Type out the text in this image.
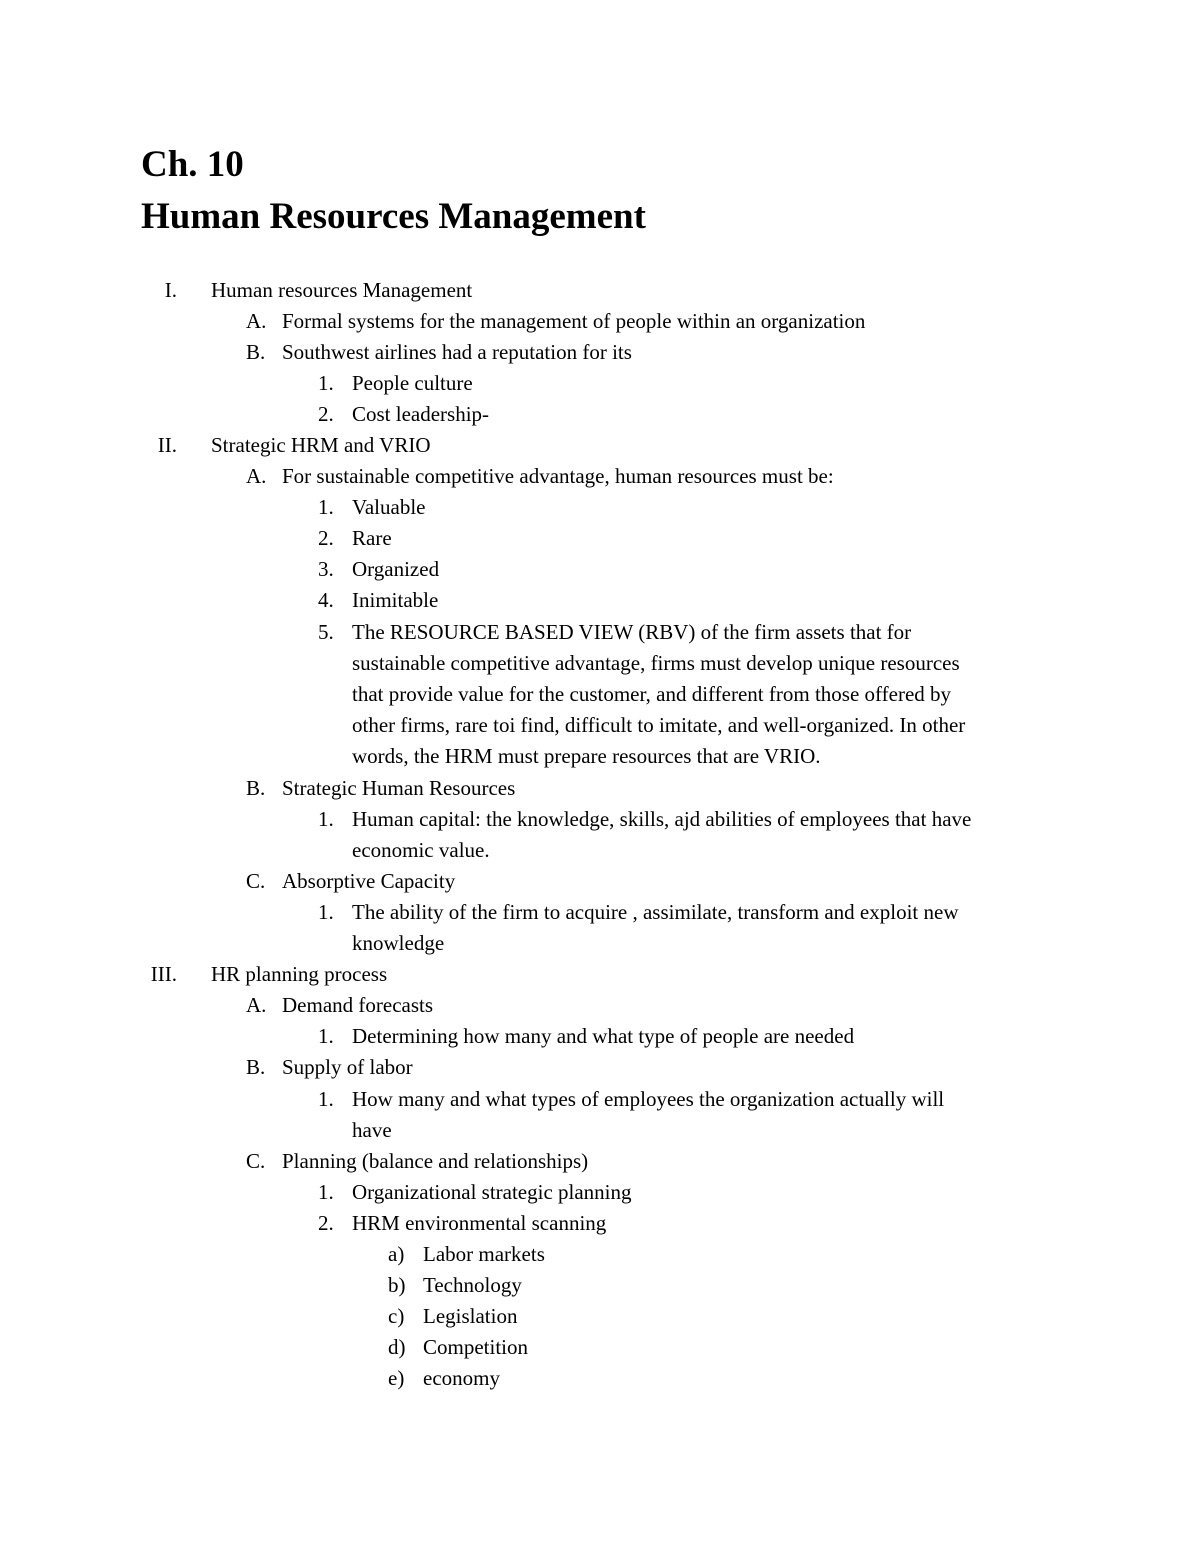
Ch. 10
Human Resources Management
I. Human resources Management
A. Formal systems for the management of people within an organization
B. Southwest airlines had a reputation for its
1. People culture
2. Cost leadership-
II. Strategic HRM and VRIO
A. For sustainable competitive advantage, human resources must be:
1. Valuable
2. Rare
3. Organized
4. Inimitable
5. The RESOURCE BASED VIEW (RBV) of the firm assets that for
sustainable competitive advantage, firms must develop unique resources
that provide value for the customer, and different from those offered by
other firms, rare toi find, difficult to imitate, and well-organized. In other
words, the HRM must prepare resources that are VRIO.
B. Strategic Human Resources
1. Human capital: the knowledge, skills, ajd abilities of employees that have
economic value.
C. Absorptive Capacity
1. The ability of the firm to acquire , assimilate, transform and exploit new
knowledge
III. HR planning process
A. Demand forecasts
1. Determining how many and what type of people are needed
B. Supply of labor
1. How many and what types of employees the organization actually will
have
C. Planning (balance and relationships)
1. Organizational strategic planning
2. HRM environmental scanning
a) Labor markets
b) Technology
c) Legislation
d) Competition
e) economy
